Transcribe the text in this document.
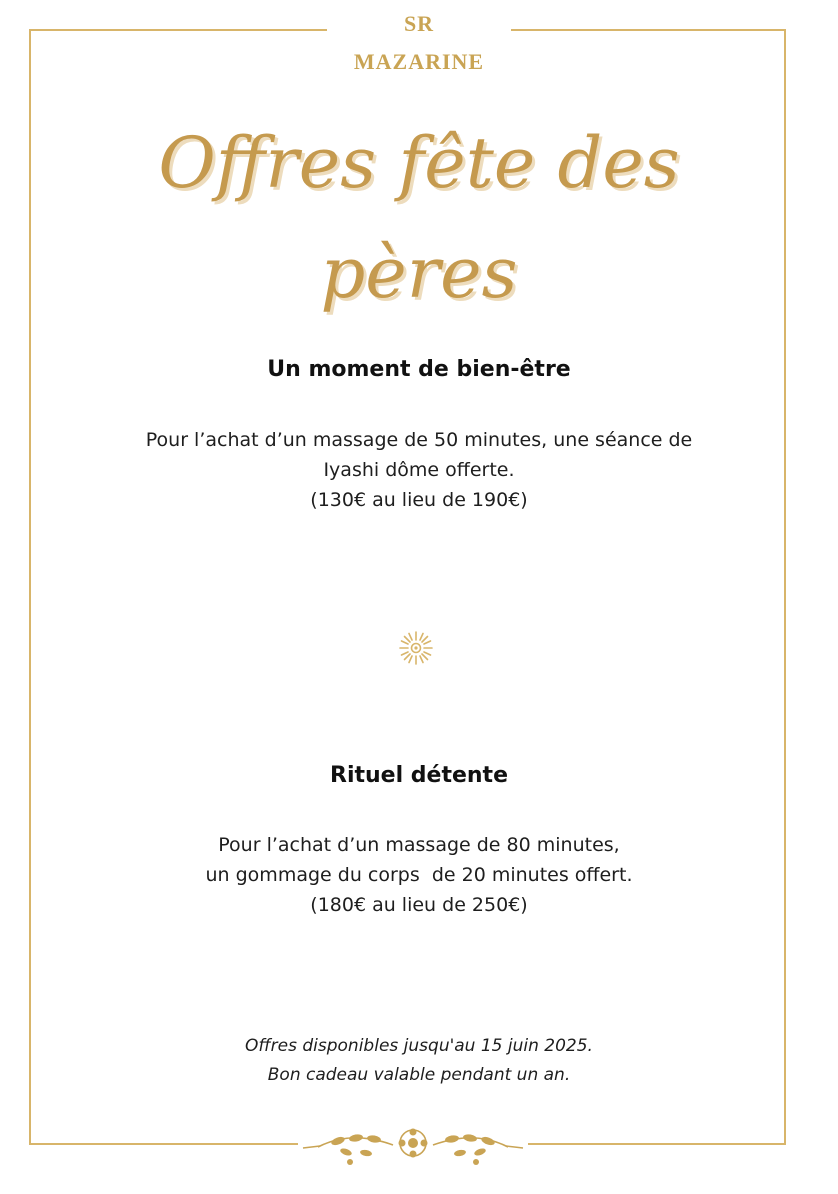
SR
MAZARINE
Offres fête des pères
Un moment de bien-être
Pour l’achat d’un massage de 50 minutes, une séance de
Iyashi dôme offerte.
(130€ au lieu de 190€)
Rituel détente
Pour l’achat d’un massage de 80 minutes,
un gommage du corps  de 20 minutes offert.
(180€ au lieu de 250€)
Offres disponibles jusqu'au 15 juin 2025.
Bon cadeau valable pendant un an.
